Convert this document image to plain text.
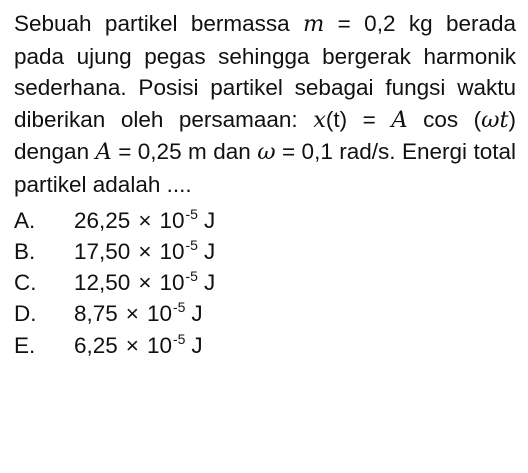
Sebuah partikel bermassa m = 0,2 kg berada pada ujung pegas sehingga bergerak harmonik sederhana. Posisi partikel sebagai fungsi waktu diberikan oleh persamaan: x(t) = A cos (ωt) dengan A = 0,25 m dan ω = 0,1 rad/s. Energi total partikel adalah ....

A.	26,25 × 10 -5 J
B.	17,50 × 10 -5 J
C.	12,50 × 10 -5 J
D.	8,75 × 10 -5 J
E.	6,25 × 10 -5 J
